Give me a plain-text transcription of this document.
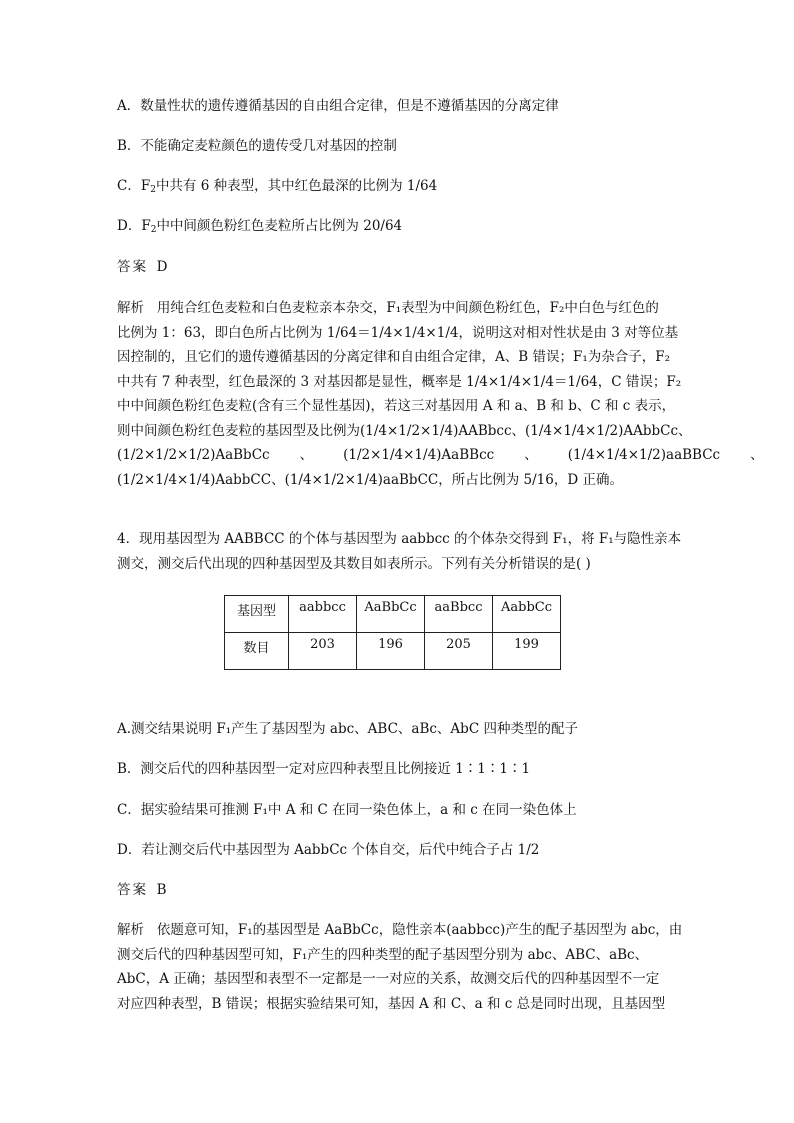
A．数量性状的遗传遵循基因的自由组合定律，但是不遵循基因的分离定律
B．不能确定麦粒颜色的遗传受几对基因的控制
C．$F_2$中共有 6 种表型，其中红色最深的比例为 1/64
D．$F_2$中中间颜色粉红色麦粒所占比例为 20/64
答案 D
解析 用纯合红色麦粒和白色麦粒亲本杂交，F₁表型为中间颜色粉红色，F₂中白色与红色的
比例为 1：63，即白色所占比例为 1/64＝1/4×1/4×1/4，说明这对相对性状是由 3 对等位基
因控制的，且它们的遗传遵循基因的分离定律和自由组合定律，A、B 错误；F₁为杂合子，F₂
中共有 7 种表型，红色最深的 3 对基因都是显性，概率是 1/4×1/4×1/4＝1/64，C 错误；F₂
中中间颜色粉红色麦粒(含有三个显性基因)，若这三对基因用 A 和 a、B 和 b、C 和 c 表示，
则中间颜色粉红色麦粒的基因型及比例为(1/4×1/2×1/4)AABbcc、(1/4×1/4×1/2)AAbbCc、
(1/2×1/2×1/2)AaBbCc 、 (1/2×1/4×1/4)AaBBcc 、 (1/4×1/4×1/2)aaBBCc 、
(1/2×1/4×1/4)AabbCC、(1/4×1/2×1/4)aaBbCC，所占比例为 5/16，D 正确。
4．现用基因型为 AABBCC 的个体与基因型为 aabbcc 的个体杂交得到 F₁，将 F₁与隐性亲本
测交，测交后代出现的四种基因型及其数目如表所示。下列有关分析错误的是( )
基因型	aabbcc	AaBbCc	aaBbcc	AabbCc
数目	203	196	205	199
A.测交结果说明 F₁产生了基因型为 abc、ABC、aBc、AbC 四种类型的配子
B．测交后代的四种基因型一定对应四种表型且比例接近 1∶1∶1∶1
C．据实验结果可推测 F₁中 A 和 C 在同一染色体上，a 和 c 在同一染色体上
D．若让测交后代中基因型为 AabbCc 个体自交，后代中纯合子占 1/2
答案 B
解析 依题意可知，F₁的基因型是 AaBbCc，隐性亲本(aabbcc)产生的配子基因型为 abc，由
测交后代的四种基因型可知，F₁产生的四种类型的配子基因型分别为 abc、ABC、aBc、
AbC，A 正确；基因型和表型不一定都是一一对应的关系，故测交后代的四种基因型不一定
对应四种表型，B 错误；根据实验结果可知，基因 A 和 C、a 和 c 总是同时出现，且基因型
